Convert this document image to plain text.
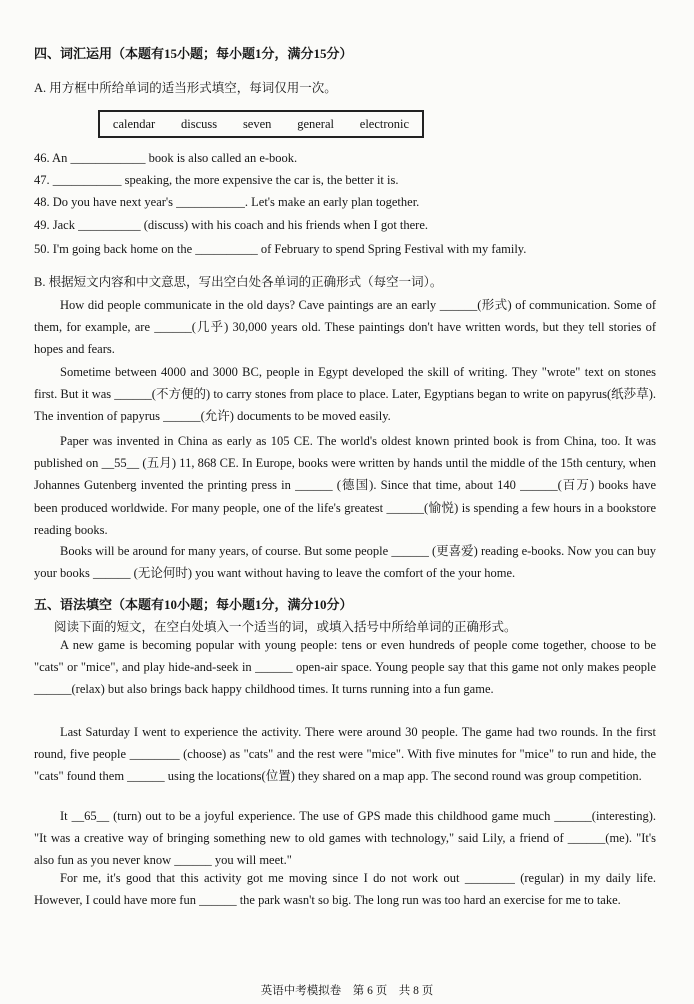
四、词汇运用（本题有15小题；每小题1分，满分15分）
A. 用方框中所给单词的适当形式填空，每词仅用一次。
calendar	discuss	seven	general	electronic
46. An ____________ book is also called an e-book.
47. ___________ speaking, the more expensive the car is, the better it is.
48. Do you have next year's ___________. Let's make an early plan together.
49. Jack __________ (discuss) with his coach and his friends when I got there.
50. I'm going back home on the __________ of February to spend Spring Festival with my family.
B. 根据短文内容和中文意思，写出空白处各单词的正确形式（每空一词）。
How did people communicate in the old days? Cave paintings are an early ______(形式) of communication. Some of them, for example, are ______(几乎) 30,000 years old. These paintings don't have written words, but they tell stories of hopes and fears.
Sometime between 4000 and 3000 BC, people in Egypt developed the skill of writing. They "wrote" text on stones first. But it was ______(不方便的) to carry stones from place to place. Later, Egyptians began to write on papyrus(纸莎草). The invention of papyrus ______(允许) documents to be moved easily.
Paper was invented in China as early as 105 CE. The world's oldest known printed book is from China, too. It was published on __55__ (五月) 11, 868 CE. In Europe, books were written by hands until the middle of the 15th century, when Johannes Gutenberg invented the printing press in ______ (德国). Since that time, about 140 ______(百万) books have been produced worldwide. For many people, one of the life's greatest ______(愉悦) is spending a few hours in a bookstore reading books.
Books will be around for many years, of course. But some people ______ (更喜爱) reading e-books. Now you can buy your books ______ (无论何时) you want without having to leave the comfort of the your home.
五、语法填空（本题有10小题；每小题1分，满分10分）
阅读下面的短文，在空白处填入一个适当的词，或填入括号中所给单词的正确形式。
A new game is becoming popular with young people: tens or even hundreds of people come together, choose to be "cats" or "mice", and play hide-and-seek in ______ open-air space. Young people say that this game not only makes people ______(relax) but also brings back happy childhood times. It turns running into a fun game.
Last Saturday I went to experience the activity. There were around 30 people. The game had two rounds. In the first round, five people ________ (choose) as "cats" and the rest were "mice". With five minutes for "mice" to run and hide, the "cats" found them ______ using the locations(位置) they shared on a map app. The second round was group competition.
It __65__ (turn) out to be a joyful experience. The use of GPS made this childhood game much ______(interesting). "It was a creative way of bringing something new to old games with technology," said Lily, a friend of ______(me). "It's also fun as you never know ______ you will meet."
For me, it's good that this activity got me moving since I do not work out ________ (regular) in my daily life. However, I could have more fun ______ the park wasn't so big. The long run was too hard an exercise for me to take.
英语中考模拟卷　第 6 页　共 8 页
